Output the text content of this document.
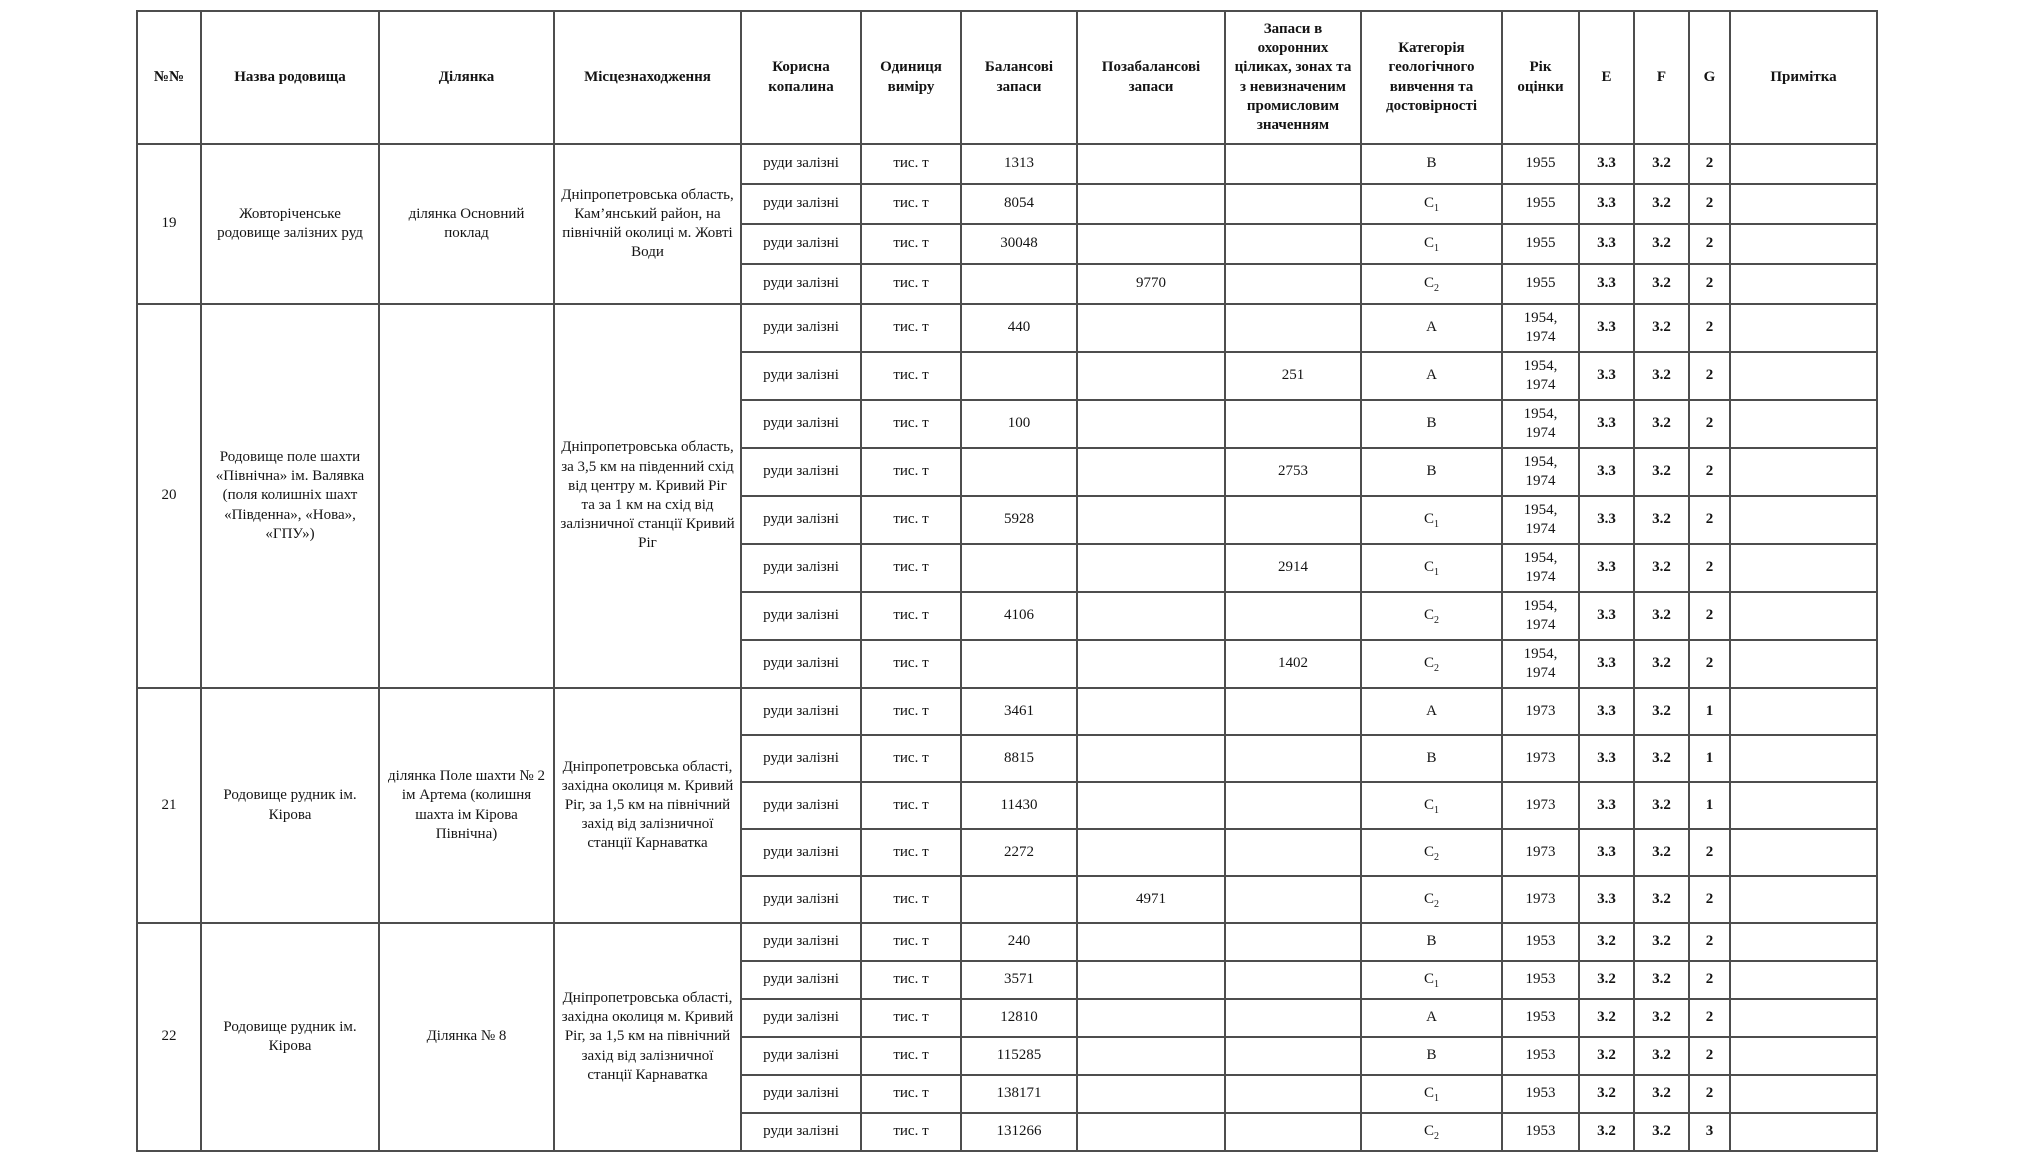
№№	Назва родовища	Ділянка	Місцезнаходження	Корисна копалина	Одиниця виміру	Балансові запаси	Позабалансові запаси	Запаси в охоронних ціликах, зонах та з невизначеним промисловим значенням	Категорія геологічного вивчення та достовірності	Рік оцінки	E	F	G	Примітка
19	Жовторіченське родовище залізних руд	ділянка Основний поклад	Дніпропетровська область, Кам’янський район, на північній околиці м. Жовті Води	руди залізні	тис. т	1313			В	1955	3.3	3.2	2	
				руди залізні	тис. т	8054			$С_1$	1955	3.3	3.2	2	
				руди залізні	тис. т	30048			$С_1$	1955	3.3	3.2	2	
				руди залізні	тис. т		9770		$С_2$	1955	3.3	3.2	2	
20	Родовище поле шахти «Північна» ім. Валявка (поля колишніх шахт «Південна», «Нова», «ГПУ»)		Дніпропетровська область, за 3,5 км на південний схід від центру м. Кривий Ріг та за 1 км на схід від залізничної станції Кривий Ріг	руди залізні	тис. т	440			А	1954, 1974	3.3	3.2	2	
				руди залізні	тис. т			251	А	1954, 1974	3.3	3.2	2	
				руди залізні	тис. т	100			В	1954, 1974	3.3	3.2	2	
				руди залізні	тис. т			2753	В	1954, 1974	3.3	3.2	2	
				руди залізні	тис. т	5928			$С_1$	1954, 1974	3.3	3.2	2	
				руди залізні	тис. т			2914	$С_1$	1954, 1974	3.3	3.2	2	
				руди залізні	тис. т	4106			$С_2$	1954, 1974	3.3	3.2	2	
				руди залізні	тис. т			1402	$С_2$	1954, 1974	3.3	3.2	2	
21	Родовище рудник ім. Кірова	ділянка Поле шахти № 2 ім Артема (колишня шахта ім Кірова Північна)	Дніпропетровська області, західна околиця м. Кривий Ріг, за 1,5 км на північний захід від залізничної станції Карнаватка	руди залізні	тис. т	3461			А	1973	3.3	3.2	1	
				руди залізні	тис. т	8815			В	1973	3.3	3.2	1	
				руди залізні	тис. т	11430			$С_1$	1973	3.3	3.2	1	
				руди залізні	тис. т	2272			$С_2$	1973	3.3	3.2	2	
				руди залізні	тис. т		4971		$С_2$	1973	3.3	3.2	2	
22	Родовище рудник ім. Кірова	Ділянка № 8	Дніпропетровська області, західна околиця м. Кривий Ріг, за 1,5 км на північний захід від залізничної станції Карнаватка	руди залізні	тис. т	240			В	1953	3.2	3.2	2	
				руди залізні	тис. т	3571			$С_1$	1953	3.2	3.2	2	
				руди залізні	тис. т	12810			А	1953	3.2	3.2	2	
				руди залізні	тис. т	115285			В	1953	3.2	3.2	2	
				руди залізні	тис. т	138171			$С_1$	1953	3.2	3.2	2	
				руди залізні	тис. т	131266			$С_2$	1953	3.2	3.2	3	
